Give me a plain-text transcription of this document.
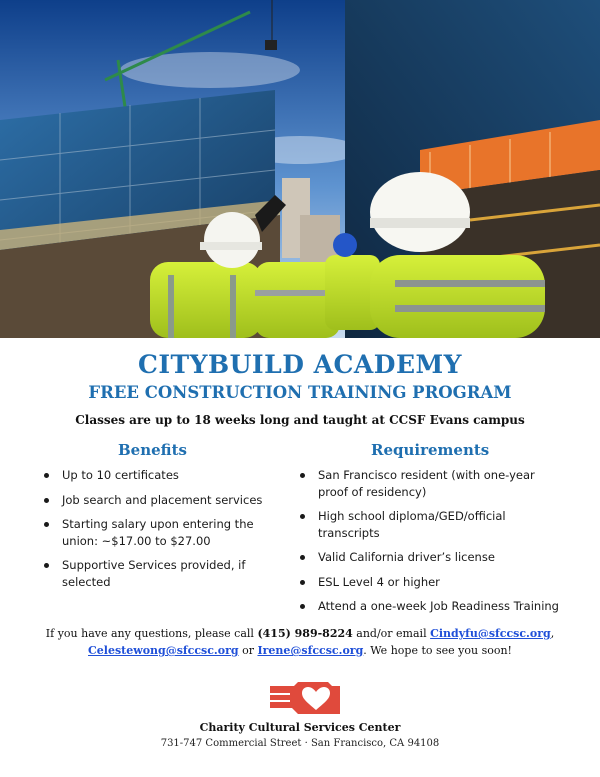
CITYBUILD ACADEMY
FREE CONSTRUCTION TRAINING PROGRAM
Classes are up to 18 weeks long and taught at CCSF Evans campus
Benefits	Requirements
Up to 10 certificates
Job search and placement services
Starting salary upon entering the union: ~$17.00 to $27.00
Supportive Services provided, if selected
San Francisco resident (with one-year proof of residency)
High school diploma/GED/official transcripts
Valid California driver’s license
ESL Level 4 or higher
Attend a one-week Job Readiness Training
If you have any questions, please call (415) 989-8224 and/or email Cindyfu@sfccsc.org,
Celestewong@sfccsc.org or Irene@sfccsc.org. We hope to see you soon!
Charity Cultural Services Center
731-747 Commercial Street · San Francisco, CA 94108
